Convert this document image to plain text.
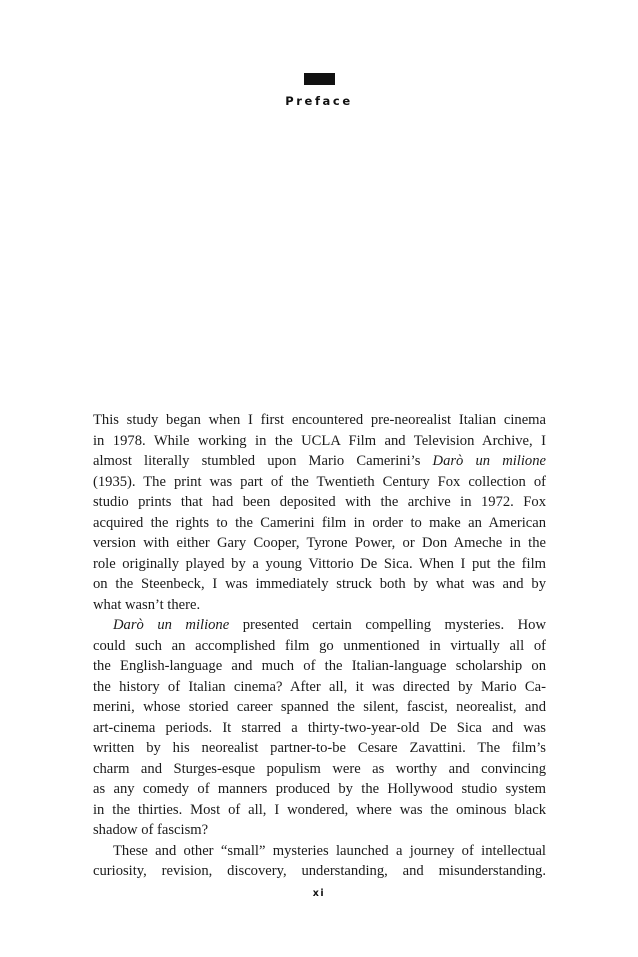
Preface
This study began when I first encountered pre-neorealist Italian cinema
in 1978. While working in the UCLA Film and Television Archive, I
almost literally stumbled upon Mario Camerini’s Darò un milione
(1935). The print was part of the Twentieth Century Fox collection of
studio prints that had been deposited with the archive in 1972. Fox
acquired the rights to the Camerini film in order to make an American
version with either Gary Cooper, Tyrone Power, or Don Ameche in the
role originally played by a young Vittorio De Sica. When I put the film
on the Steenbeck, I was immediately struck both by what was and by
what wasn’t there.
Darò un milione presented certain compelling mysteries. How
could such an accomplished film go unmentioned in virtually all of
the English-language and much of the Italian-language scholarship on
the history of Italian cinema? After all, it was directed by Mario Ca-
merini, whose storied career spanned the silent, fascist, neorealist, and
art-cinema periods. It starred a thirty-two-year-old De Sica and was
written by his neorealist partner-to-be Cesare Zavattini. The film’s
charm and Sturges-esque populism were as worthy and convincing
as any comedy of manners produced by the Hollywood studio system
in the thirties. Most of all, I wondered, where was the ominous black
shadow of fascism?
These and other “small” mysteries launched a journey of intellectual
curiosity, revision, discovery, understanding, and misunderstanding.
xi
